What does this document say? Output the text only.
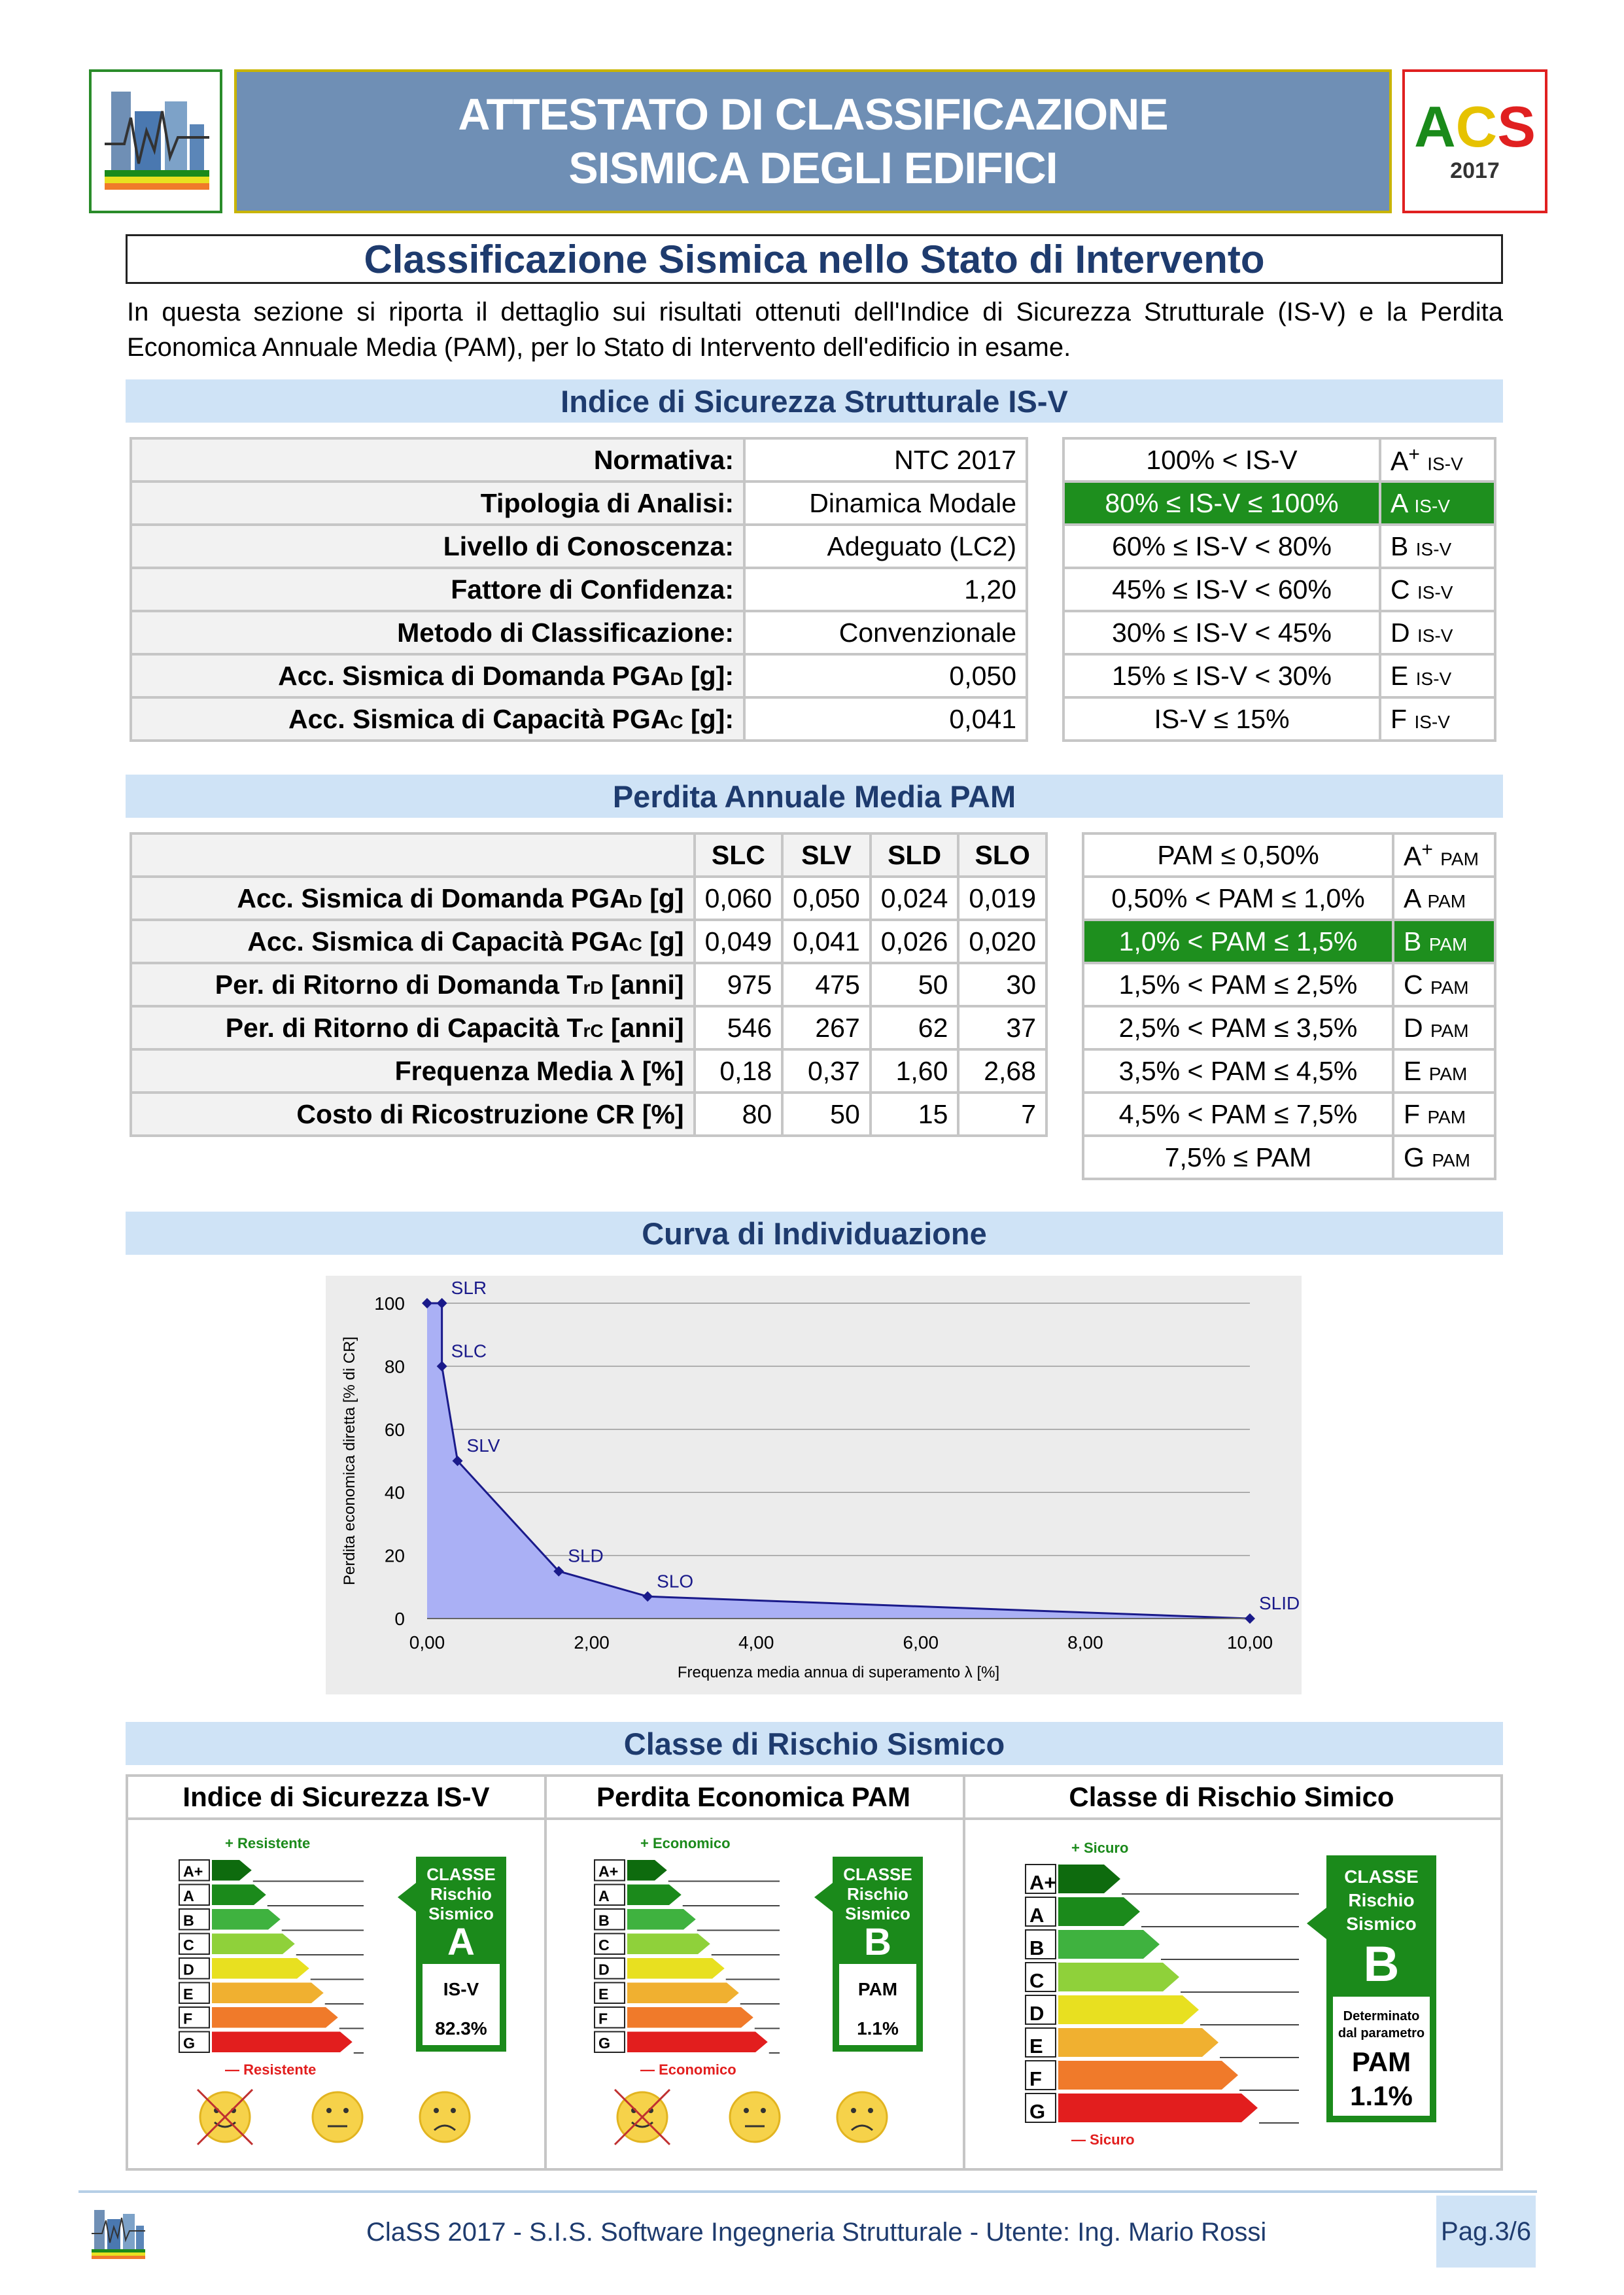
ATTESTATO DI CLASSIFICAZIONE
SISMICA DEGLI EDIFICI
ACS
2017
Classificazione Sismica nello Stato di Intervento
In questa sezione si riporta il dettaglio sui risultati ottenuti dell'Indice di Sicurezza Strutturale (IS-V) e la Perdita Economica Annuale Media (PAM), per lo Stato di Intervento dell'edificio in esame.
Indice di Sicurezza Strutturale IS-V
Normativa:	NTC 2017
Tipologia di Analisi:	Dinamica Modale
Livello di Conoscenza:	Adeguato (LC2)
Fattore di Confidenza:	1,20
Metodo di Classificazione:	Convenzionale
Acc. Sismica di Domanda PGAD [g]:	0,050
Acc. Sismica di Capacità PGAC [g]:	0,041
100% < IS-V	A+ IS-V
80% ≤ IS-V ≤ 100%	A IS-V
60% ≤ IS-V < 80%	B IS-V
45% ≤ IS-V < 60%	C IS-V
30% ≤ IS-V < 45%	D IS-V
15% ≤ IS-V < 30%	E IS-V
IS-V ≤ 15%	F IS-V
Perdita Annuale Media PAM
	SLC	SLV	SLD	SLO
Acc. Sismica di Domanda PGAD [g]	0,060	0,050	0,024	0,019
Acc. Sismica di Capacità PGAC [g]	0,049	0,041	0,026	0,020
Per. di Ritorno di Domanda TrD [anni]	975	475	50	30
Per. di Ritorno di Capacità TrC [anni]	546	267	62	37
Frequenza Media λ [%]	0,18	0,37	1,60	2,68
Costo di Ricostruzione CR [%]	80	50	15	7
PAM ≤ 0,50%	A+ PAM
0,50% < PAM ≤ 1,0%	A PAM
1,0% < PAM ≤ 1,5%	B PAM
1,5% < PAM ≤ 2,5%	C PAM
2,5% < PAM ≤ 3,5%	D PAM
3,5% < PAM ≤ 4,5%	E PAM
4,5% < PAM ≤ 7,5%	F PAM
7,5% ≤ PAM	G PAM
Curva di Individuazione
0
20
40
60
80
100
0,00	2,00	4,00	6,00	8,00	10,00
SLR
SLC
SLV
SLD
SLO
SLID
Frequenza media annua di superamento λ [%]
Perdita economica diretta [% di CR]
Classe di Rischio Sismico
Indice di Sicurezza IS-V	Perdita Economica PAM	Classe di Rischio Simico
+ Resistente
A+
A
B
C
D
E
F
G
— Resistente
CLASSE
Rischio
Sismico
A
IS-V
82.3%
+ Economico
A+
A
B
C
D
E
F
G
— Economico
CLASSE
Rischio
Sismico
B
PAM
1.1%
+ Sicuro
A+
A
B
C
D
E
F
G
— Sicuro
CLASSE
Rischio
Sismico
B
Determinato
dal parametro
PAM
1.1%
ClaSS 2017 - S.I.S. Software Ingegneria Strutturale - Utente: Ing. Mario Rossi	Pag.3/6
